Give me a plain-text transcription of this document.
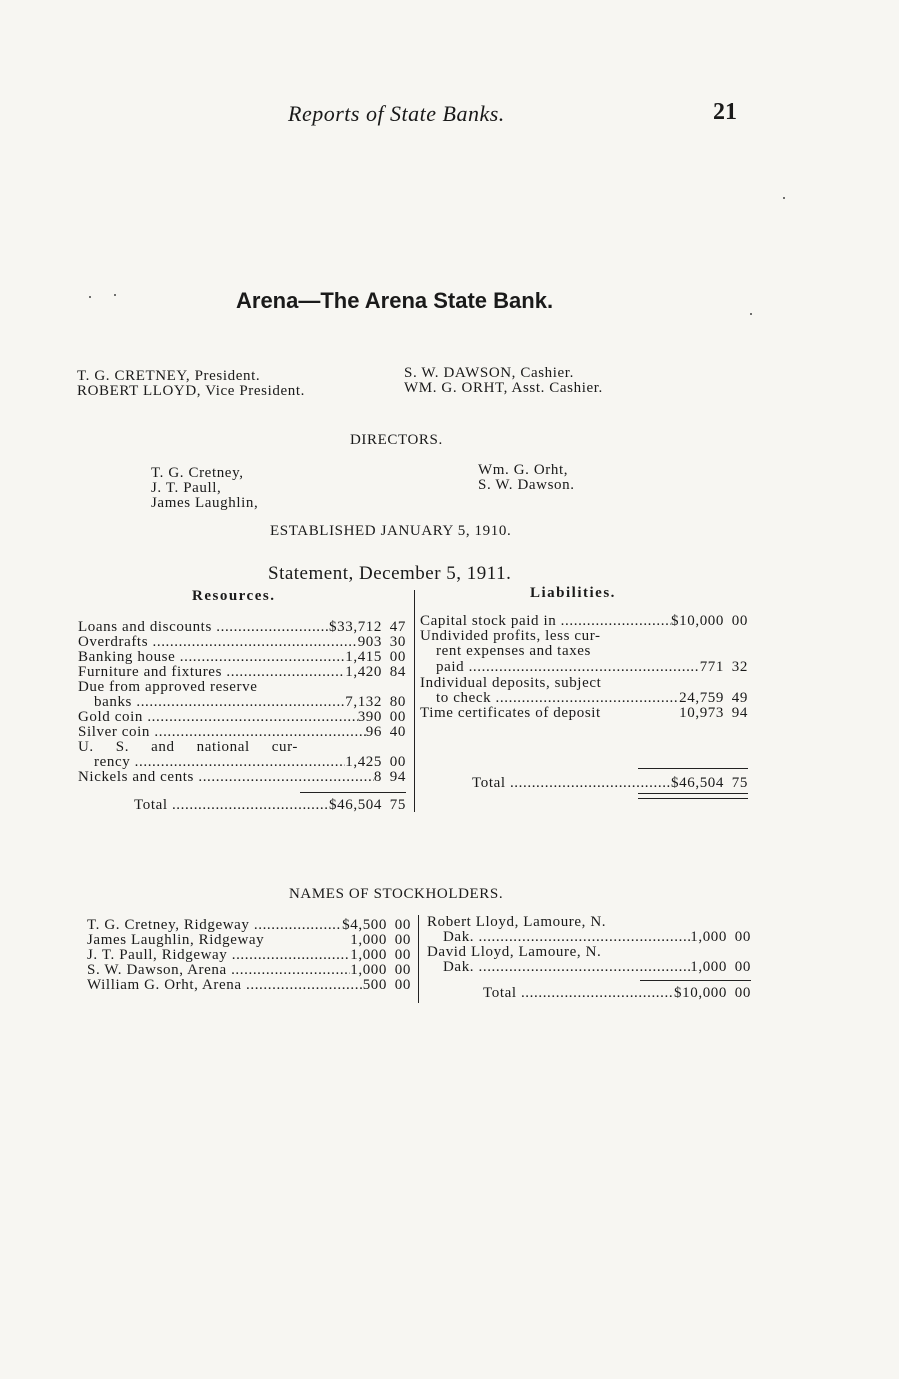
Reports of State Banks.	21
Arena—The Arena State Bank.
T. G. CRETNEY, President.
ROBERT LLOYD, Vice President.
S. W. DAWSON, Cashier.
WM. G. ORHT, Asst. Cashier.
DIRECTORS.
T. G. Cretney,
J. T. Paull,
James Laughlin,
Wm. G. Orht,
S. W. Dawson.
ESTABLISHED JANUARY 5, 1910.
Statement, December 5, 1911.
Resources.	Liabilities.
Loans and discounts .....	$33,712 47
Overdrafts .....	903 30
Banking house .....	1,415 00
Furniture and fixtures .....	1,420 84
Due from approved reserve
banks .....	7,132 80
Gold coin .....	390 00
Silver coin .....	96 40
U. S. and national cur-
rency .....	1,425 00
Nickels and cents .....	8 94
Total .....	$46,504 75
Capital stock paid in .....	$10,000 00
Undivided profits, less cur-
rent expenses and taxes
paid .....	771 32
Individual deposits, subject
to check .....	24,759 49
Time certificates of deposit	10,973 94
Total .....	$46,504 75
NAMES OF STOCKHOLDERS.
T. G. Cretney, Ridgeway .....	$4,500 00
James Laughlin, Ridgeway	1,000 00
J. T. Paull, Ridgeway .....	1,000 00
S. W. Dawson, Arena .....	1,000 00
William G. Orht, Arena .....	500 00
Robert Lloyd, Lamoure, N.
Dak. .....	1,000 00
David Lloyd, Lamoure, N.
Dak. .....	1,000 00
Total .....	$10,000 00
